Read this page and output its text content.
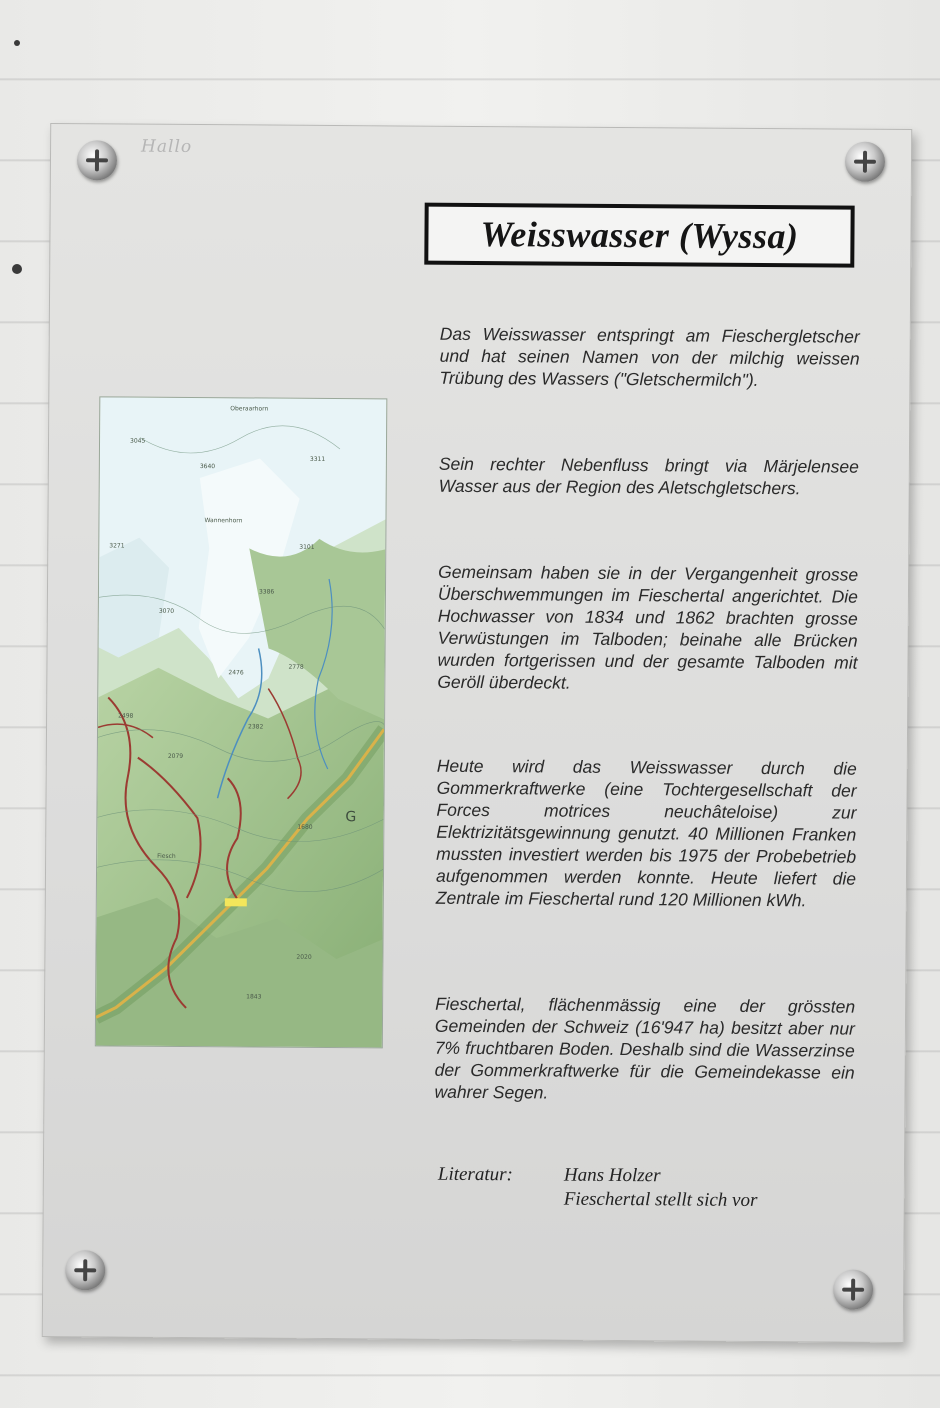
Hallo
Weisswasser (Wyssa)
Oberaarhorn
3045
3640
3311
Wannenhorn
3271	3101
3070
3386
2778
2476
2498
2382
2079
1680
Fiesch
2020
1843
G
Das Weisswasser entspringt am Fieschergletscher und hat seinen Namen von der milchig weissen Trübung des Wassers ("Gletschermilch").
Sein rechter Nebenfluss bringt via Märjelensee Wasser aus der Region des Aletschgletschers.
Gemeinsam haben sie in der Vergangenheit grosse Überschwemmungen im Fieschertal angerichtet. Die Hochwasser von 1834 und 1862 brachten grosse Verwüstungen im Talboden; beinahe alle Brücken wurden fortgerissen und der gesamte Talboden mit Geröll überdeckt.
Heute wird das Weisswasser durch die Gommerkraftwerke (eine Tochtergesellschaft der Forces motrices neuchâteloise) zur Elektrizitätsgewinnung genutzt. 40 Millionen Franken mussten investiert werden bis 1975 der Probebetrieb aufgenommen werden konnte. Heute liefert die Zentrale im Fieschertal rund 120 Millionen kWh.
Fieschertal, flächenmässig eine der grössten Gemeinden der Schweiz (16'947 ha) besitzt aber nur 7% fruchtbaren Boden. Deshalb sind die Wasserzinse der Gommerkraftwerke für die Gemeindekasse ein wahrer Segen.
Literatur:	Hans Holzer
Fieschertal stellt sich vor
